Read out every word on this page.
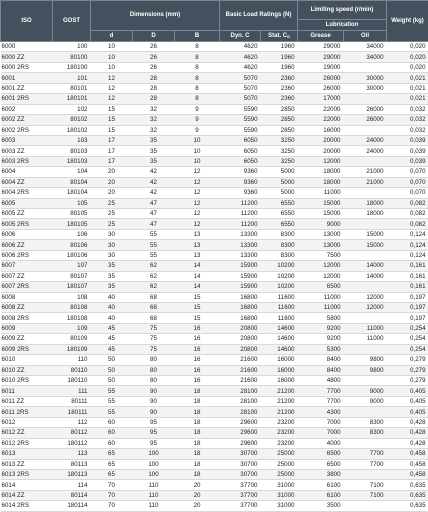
ISO	GOST	Dimensions (mm)			Basic Load Ratings (N)		Limiting speed (r/min)		Weight (kg)
							Lubrication		
		d	D	B	Dyn. C	Stat. $C_o$	Grease	Oil	
6000	100	10	26	8	4620	1960	29000	34000	0,020
6000 ZZ	80100	10	26	8	4620	1960	29000	34000	0,020
6000 2RS	180100	10	26	8	4620	1960	19000		0,020
6001	101	12	28	8	5070	2360	26000	30000	0,021
6001 ZZ	80101	12	28	8	5070	2360	26000	30000	0,021
6001 2RS	180101	12	28	8	5070	2360	17000		0,021
6002	102	15	32	9	5590	2850	22000	26000	0,032
6002 ZZ	80102	15	32	9	5590	2850	22000	26000	0,032
6002 2RS	180102	15	32	9	5590	2850	16000		0,032
6003	103	17	35	10	6050	3250	20000	24000	0,039
6003 ZZ	80103	17	35	10	6050	3250	20000	24000	0,039
6003 2RS	180103	17	35	10	6050	3250	12000		0,039
6004	104	20	42	12	9360	5000	18000	21000	0,070
6004 ZZ	80104	20	42	12	9360	5000	18000	21000	0,070
6004 2RS	180104	20	42	12	9360	5000	11000		0,070
6005	105	25	47	12	11200	6550	15000	18000	0,082
6005 ZZ	80105	25	47	12	11200	6550	15000	18000	0,082
6005 2RS	180105	25	47	12	11200	6550	9000		0,082
6006	106	30	55	13	13300	8300	13000	15000	0,124
6006 ZZ	80106	30	55	13	13300	8300	13000	15000	0,124
6006 2RS	180106	30	55	13	13300	8300	7500		0,124
6007	107	35	62	14	15900	10200	12000	14000	0,161
6007 ZZ	80107	35	62	14	15900	10200	12000	14000	0,161
6007 2RS	180107	35	62	14	15900	10200	6500		0,161
6008	108	40	68	15	16800	11600	11000	12000	0,197
6008 ZZ	80108	40	68	15	16800	11600	11000	12000	0,197
6008 2RS	180108	40	68	15	16800	11600	5800		0,197
6009	109	45	75	16	20800	14600	9200	11000	0,254
6009 ZZ	80109	45	75	16	20800	14600	9200	11000	0,254
6009 2RS	180109	45	75	16	20800	14600	5300		0,254
6010	110	50	80	16	21600	16000	8400	9800	0,279
6010 ZZ	80110	50	80	16	21600	16000	8400	9800	0,279
6010 2RS	180110	50	80	16	21600	16000	4800		0,279
6011	111	55	90	18	28100	21200	7700	9000	0,405
6011 ZZ	80111	55	90	18	28100	21200	7700	9000	0,405
6011 2RS	180111	55	90	18	28100	21200	4300		0,405
6012	112	60	95	18	29600	23200	7000	8300	0,428
6012 ZZ	80112	60	95	18	29600	23200	7000	8300	0,428
6012 2RS	180112	60	95	18	29600	23200	4000		0,428
6013	113	65	100	18	30700	25000	6500	7700	0,458
6013 ZZ	80113	65	100	18	30700	25000	6500	7700	0,458
6013 2RS	180113	65	100	18	30700	25000	3800		0,458
6014	114	70	110	20	37700	31000	6100	7100	0,635
6014 ZZ	80114	70	110	20	37700	31000	6100	7100	0,635
6014 2RS	180114	70	110	20	37700	31000	3500		0,635
